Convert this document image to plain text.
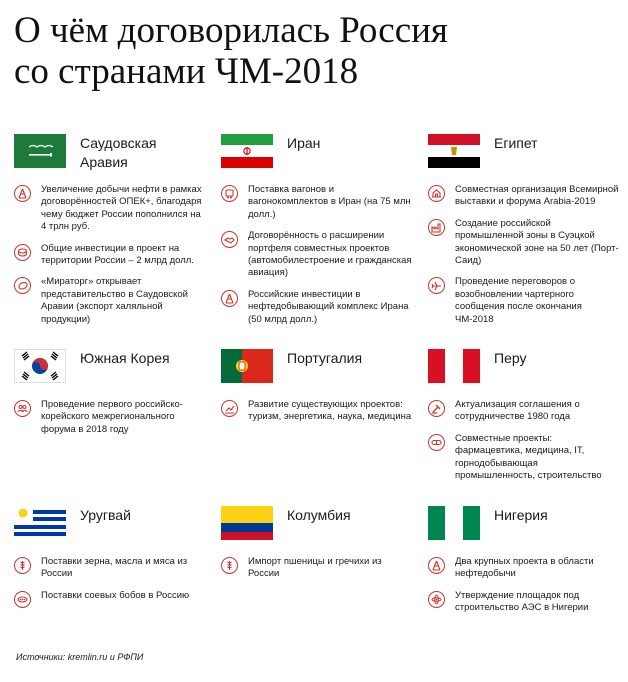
О чём договорилась Россия
со странами ЧМ-2018
Саудовская Аравия
Увеличение добычи нефти в рамках договорённостей ОПЕК+, благодаря чему бюджет России пополнился на 4 трлн руб.
Общие инвестиции в проект на территории России – 2 млрд долл.
«Мираторг» открывает представительство в Саудовской Аравии (экспорт халяльной продукции)
Иран
Поставка вагонов и вагонокомплектов в Иран (на 75 млн долл.)
Договорённость о расширении портфеля совместных проектов (автомобилестроение и гражданская авиация)
Российские инвестиции в нефтедобывающий комплекс Ирана (50 млрд долл.)
Египет
Совместная организация Всемирной выставки и форума Arabia-2019
Создание российской промышленной зоны в Суэцкой экономической зоне на 50 лет (Порт-Саид)
Проведение переговоров о возобновлении чартерного сообщения после окончания ЧМ-2018
Южная Корея
Проведение первого российско-корейского межрегионального форума в 2018 году
Португалия
Развитие существующих проектов: туризм, энергетика, наука, медицина
Перу
Актуализация соглашения о сотрудничестве 1980 года
Совместные проекты: фармацевтика, медицина, IT, горнодобывающая промышленность, строительство
Уругвай
Поставки зерна, масла и мяса из России
Поставки соевых бобов в Россию
Колумбия
Импорт пшеницы и гречихи из России
Нигерия
Два крупных проекта в области нефтедобычи
Утверждение площадок под строительство АЭС в Нигерии
Источники: kremlin.ru и РФПИ
